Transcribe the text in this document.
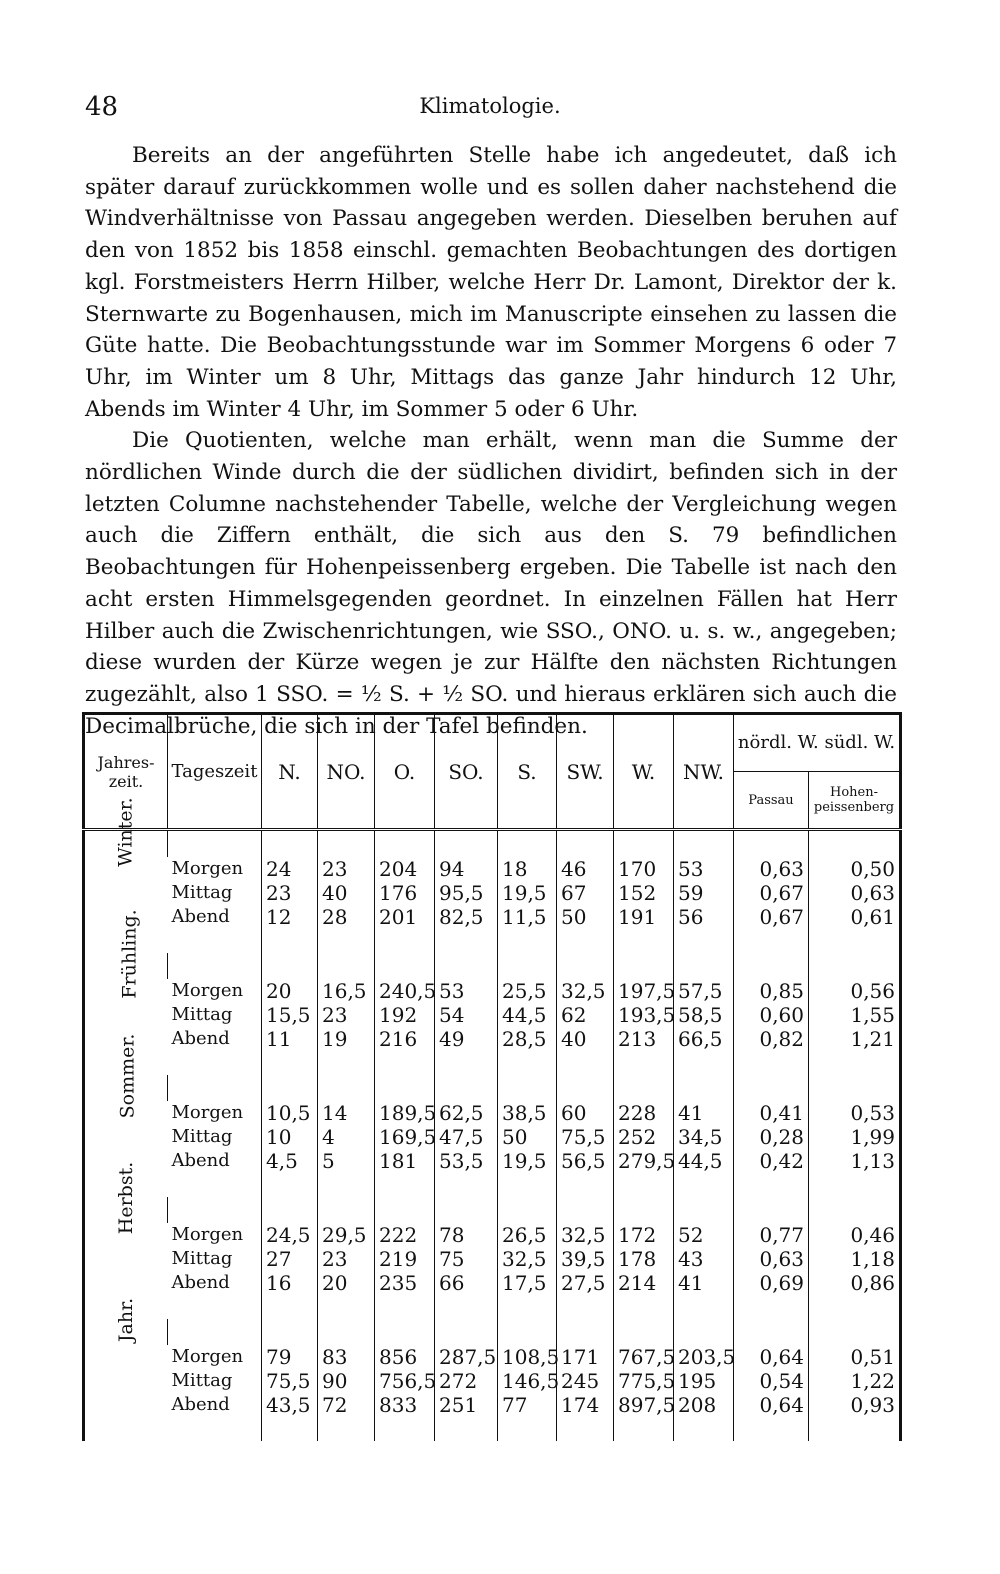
48	Klimatologie.

Bereits an der angeführten Stelle habe ich angedeutet, daß ich später darauf zurückkommen wolle und es sollen daher nachstehend die Windverhältnisse von Passau angegeben werden. Dieselben beruhen auf den von 1852 bis 1858 einschl. gemachten Beobachtungen des dortigen kgl. Forstmeisters Herrn Hilber, welche Herr Dr. Lamont, Direktor der k. Sternwarte zu Bogenhausen, mich im Manuscripte einsehen zu lassen die Güte hatte. Die Beobachtungsstunde war im Sommer Morgens 6 oder 7 Uhr, im Winter um 8 Uhr, Mittags das ganze Jahr hindurch 12 Uhr, Abends im Winter 4 Uhr, im Sommer 5 oder 6 Uhr.

Die Quotienten, welche man erhält, wenn man die Summe der nördlichen Winde durch die der südlichen dividirt, befinden sich in der letzten Columne nachstehender Tabelle, welche der Vergleichung wegen auch die Ziffern enthält, die sich aus den S. 79 befindlichen Beobachtungen für Hohenpeissenberg ergeben. Die Tabelle ist nach den acht ersten Himmelsgegenden geordnet. In einzelnen Fällen hat Herr Hilber auch die Zwischenrichtungen, wie SSO., ONO. u. s. w., angegeben; diese wurden der Kürze wegen je zur Hälfte den nächsten Richtungen zugezählt, also 1 SSO. = ½ S. + ½ SO. und hieraus erklären sich auch die Decimalbrüche, die sich in der Tafel befinden.

Jahres-zeit.	Tageszeit	N.	NO.	O.	SO.	S.	SW.	W.	NW.	nördl. W. südl. W.	
										Passau	Hohen-peissenberg
Winter.											
	Morgen	24	23	204	94	18	46	170	53	0,63	0,50
	Mittag	23	40	176	95,5	19,5	67	152	59	0,67	0,63
	Abend	12	28	201	82,5	11,5	50	191	56	0,67	0,61

Frühling.											
	Morgen	20	16,5	240,5	53	25,5	32,5	197,5	57,5	0,85	0,56
	Mittag	15,5	23	192	54	44,5	62	193,5	58,5	0,60	1,55
	Abend	11	19	216	49	28,5	40	213	66,5	0,82	1,21

Sommer.											
	Morgen	10,5	14	189,5	62,5	38,5	60	228	41	0,41	0,53
	Mittag	10	4	169,5	47,5	50	75,5	252	34,5	0,28	1,99
	Abend	4,5	5	181	53,5	19,5	56,5	279,5	44,5	0,42	1,13

Herbst.											
	Morgen	24,5	29,5	222	78	26,5	32,5	172	52	0,77	0,46
	Mittag	27	23	219	75	32,5	39,5	178	43	0,63	1,18
	Abend	16	20	235	66	17,5	27,5	214	41	0,69	0,86

Jahr.											
	Morgen	79	83	856	287,5	108,5	171	767,5	203,5	0,64	0,51
	Mittag	75,5	90	756,5	272	146,5	245	775,5	195	0,54	1,22
	Abend	43,5	72	833	251	77	174	897,5	208	0,64	0,93
